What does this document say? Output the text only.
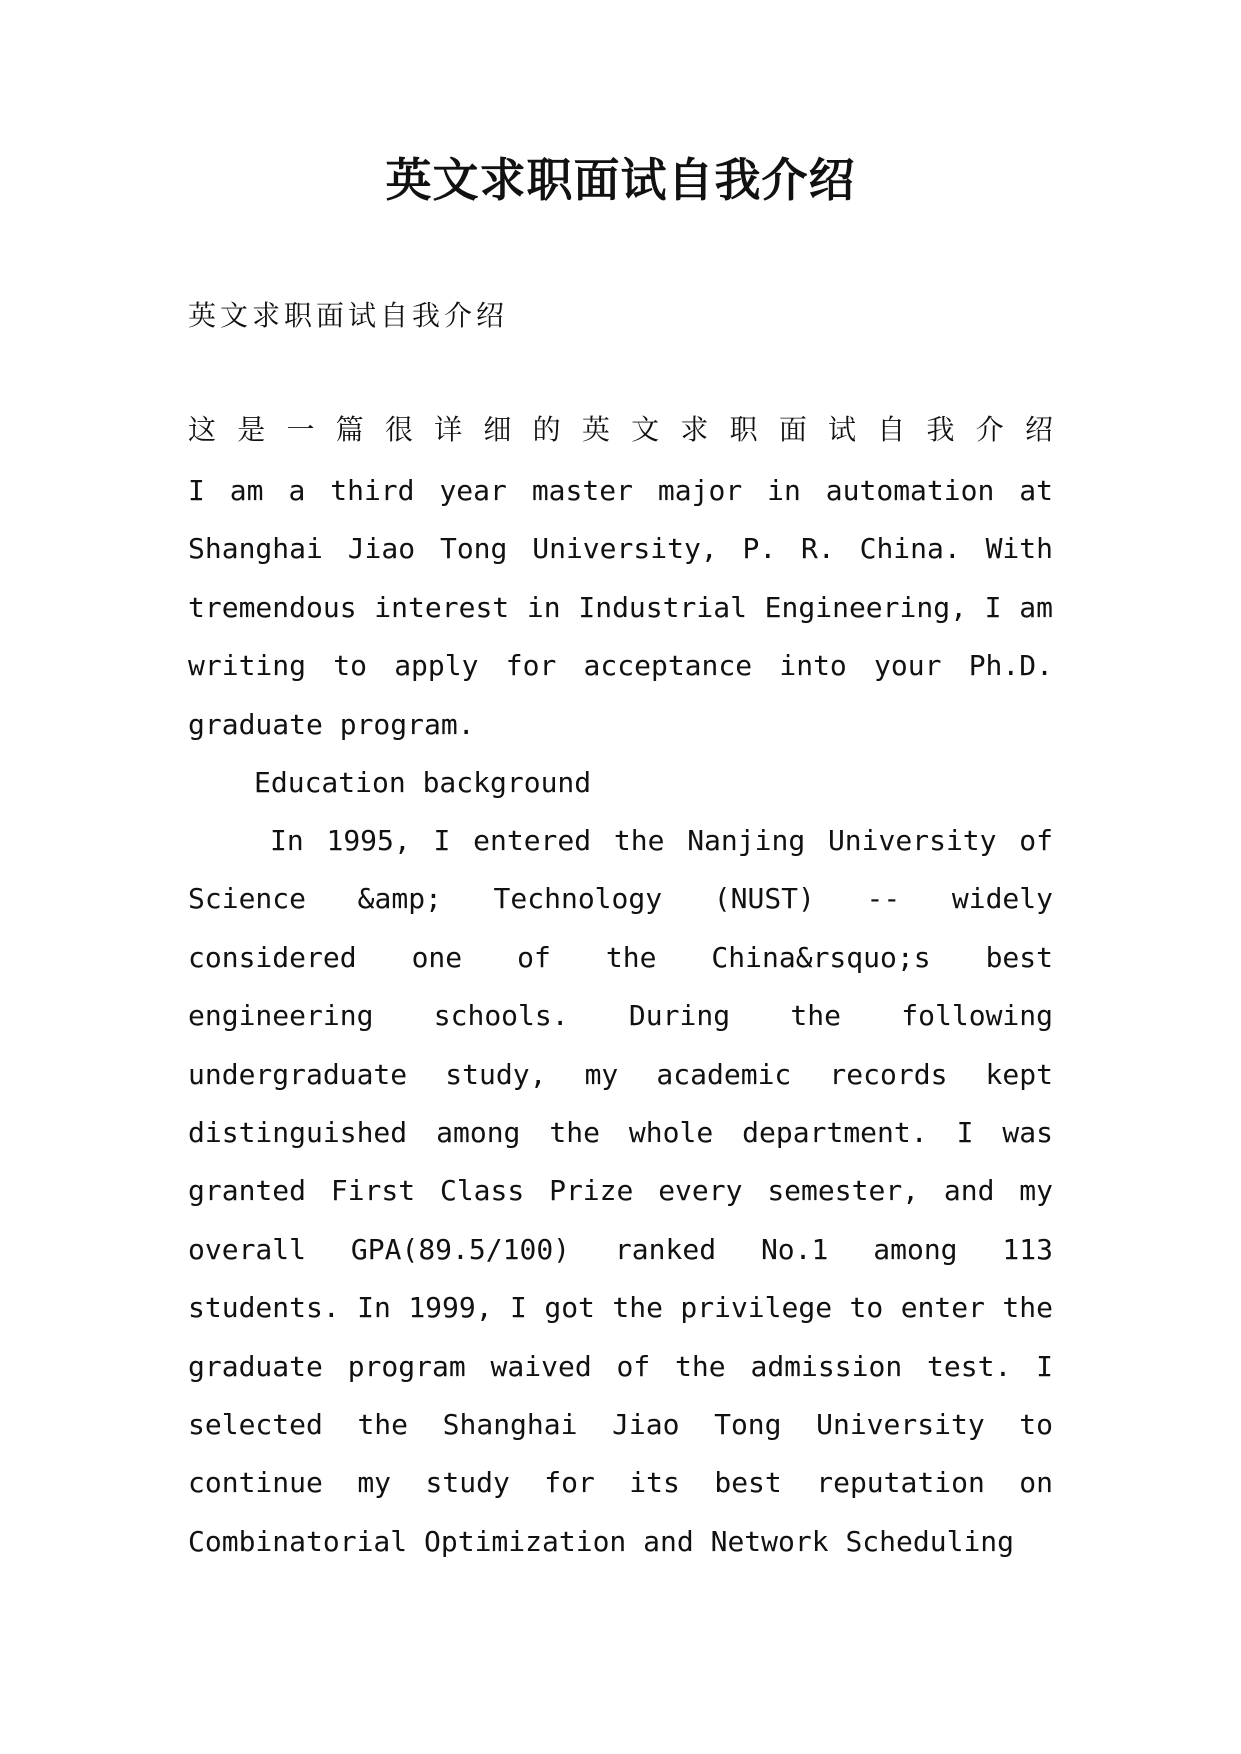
英文求职面试自我介绍

英文求职面试自我介绍

这 是 一 篇 很 详 细 的 英 文 求 职 面 试 自 我 介 绍

I am a third year master major in automation at Shanghai Jiao Tong University, P. R. China. With tremendous interest in Industrial Engineering, I am writing to apply for acceptance into your Ph.D. graduate program.

Education background

In 1995, I entered the Nanjing University of Science &amp; Technology (NUST) -- widely considered one of the China&rsquo;s best engineering schools. During the following undergraduate study, my academic records kept distinguished among the whole department. I was granted First Class Prize every semester, and my overall GPA(89.5/100) ranked No.1 among 113 students. In 1999, I got the privilege to enter the graduate program waived of the admission test. I selected the Shanghai Jiao Tong University to continue my study for its best reputation on Combinatorial Optimization and Network Scheduling
